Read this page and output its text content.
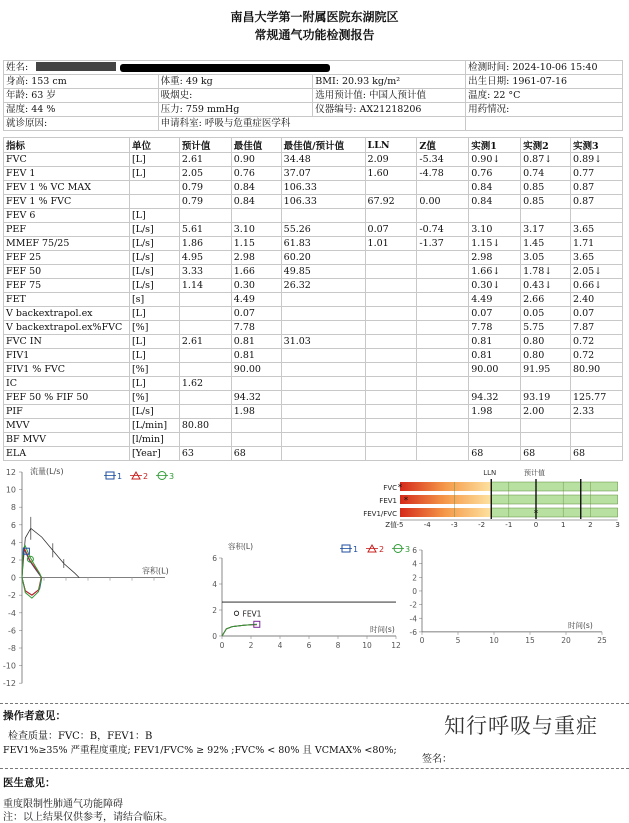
南昌大学第一附属医院东湖院区
常规通气功能检测报告
姓名:			检测时间: 2024-10-06 15:40
身高: 153 cm	体重: 49 kg	BMI: 20.93 kg/m²	出生日期: 1961-07-16
年龄: 63 岁	吸烟史:	选用预计值: 中国人预计值	温度: 22 °C
湿度: 44 %	压力: 759 mmHg	仪器编号: AX21218206	用药情况:
就诊原因:	申请科室: 呼吸与危重症医学科		
指标	单位	预计值	最佳值	最佳值/预计值	LLN	Z值	实测1	实测2	实测3
FVC	[L]	2.61	0.90	34.48	2.09	-5.34	0.90↓	0.87↓	0.89↓
FEV 1	[L]	2.05	0.76	37.07	1.60	-4.78	0.76	0.74	0.77
FEV 1 % VC MAX		0.79	0.84	106.33			0.84	0.85	0.87
FEV 1 % FVC		0.79	0.84	106.33	67.92	0.00	0.84	0.85	0.87
FEV 6	[L]								
PEF	[L/s]	5.61	3.10	55.26	0.07	-0.74	3.10	3.17	3.65
MMEF 75/25	[L/s]	1.86	1.15	61.83	1.01	-1.37	1.15↓	1.45	1.71
FEF 25	[L/s]	4.95	2.98	60.20			2.98	3.05	3.65
FEF 50	[L/s]	3.33	1.66	49.85			1.66↓	1.78↓	2.05↓
FEF 75	[L/s]	1.14	0.30	26.32			0.30↓	0.43↓	0.66↓
FET	[s]		4.49				4.49	2.66	2.40
V backextrapol.ex	[L]		0.07				0.07	0.05	0.07
V backextrapol.ex%FVC	[%]		7.78				7.78	5.75	7.87
FVC IN	[L]	2.61	0.81	31.03			0.81	0.80	0.72
FIV1	[L]		0.81				0.81	0.80	0.72
FIV1 % FVC	[%]		90.00				90.00	91.95	80.90
IC	[L]	1.62							
FEF 50 % FIF 50	[%]		94.32				94.32	93.19	125.77
PIF	[L/s]		1.98				1.98	2.00	2.33
MVV	[L/min]	80.80							
BF MVV	[l/min]								
ELA	[Year]	63	68				68	68	68
流量(L/s)
1	2	3
12
10
8
6
4
2
0
-2
-4
-6
-8
-10
-12
容积(L)
LLN	预计值
FVC
FEV1
FEV1/FVC
*
*
*
Z值 -5	-4	-3	-2	-1	0	1	2	3
容积(L)	1	2	3
6
4
2
0
0	2	4	6	8	10	12
时间(s)
FEV1
6
4
2
0
-2
-4
-6
0	5	10	15	20	25
时间(s)
操作者意见：
检查质量：FVC：B，FEV1：B
FEV1%≥35% 严重程度重度; FEV1/FVC% ≥ 92% ;FVC% < 80% 且 VCMAX% <80%;
签名：
知行呼吸与重症
医生意见：
重度限制性肺通气功能障碍
注：以上结果仅供参考，请结合临床。
